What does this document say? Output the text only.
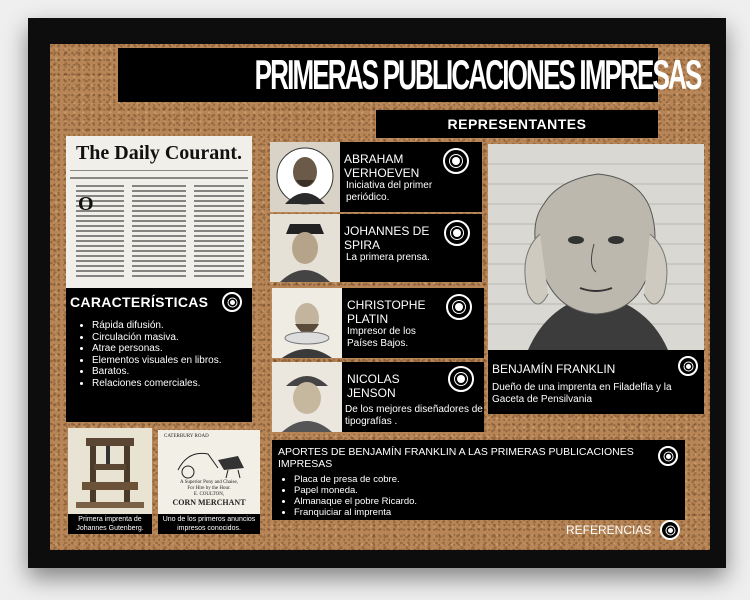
PRIMERAS PUBLICACIONES IMPRESAS
REPRESENTANTES
The Daily Courant.
O
CARACTERÍSTICAS
• Rápida difusión.
• Circulación masiva.
• Atrae personas.
• Elementos visuales en libros.
• Baratos.
• Relaciones comerciales.
ABRAHAM VERHOEVEN
Iniciativa del primer periódico.
JOHANNES DE SPIRA
La primera prensa.
CHRISTOPHE PLATIN
Impresor de los Países Bajos.
NICOLAS JENSON
De los mejores diseñadores de tipografías .
BENJAMÍN FRANKLIN
Dueño de una imprenta en Filadelfia y la Gaceta de Pensilvania
Primera imprenta de Johannes Gutenberg.
CATERBURY ROAD
A Superior Pony and Chaise,
For Hire by the Hour.
E. COULTON,
CORN MERCHANT
Uno de los primeros anuncios impresos conocidos.
APORTES DE BENJAMÍN FRANKLIN A LAS PRIMERAS PUBLICACIONES IMPRESAS
• Placa de presa de cobre.
• Papel moneda.
• Almanaque el pobre Ricardo.
• Franquiciar al imprenta
REFERENCIAS
